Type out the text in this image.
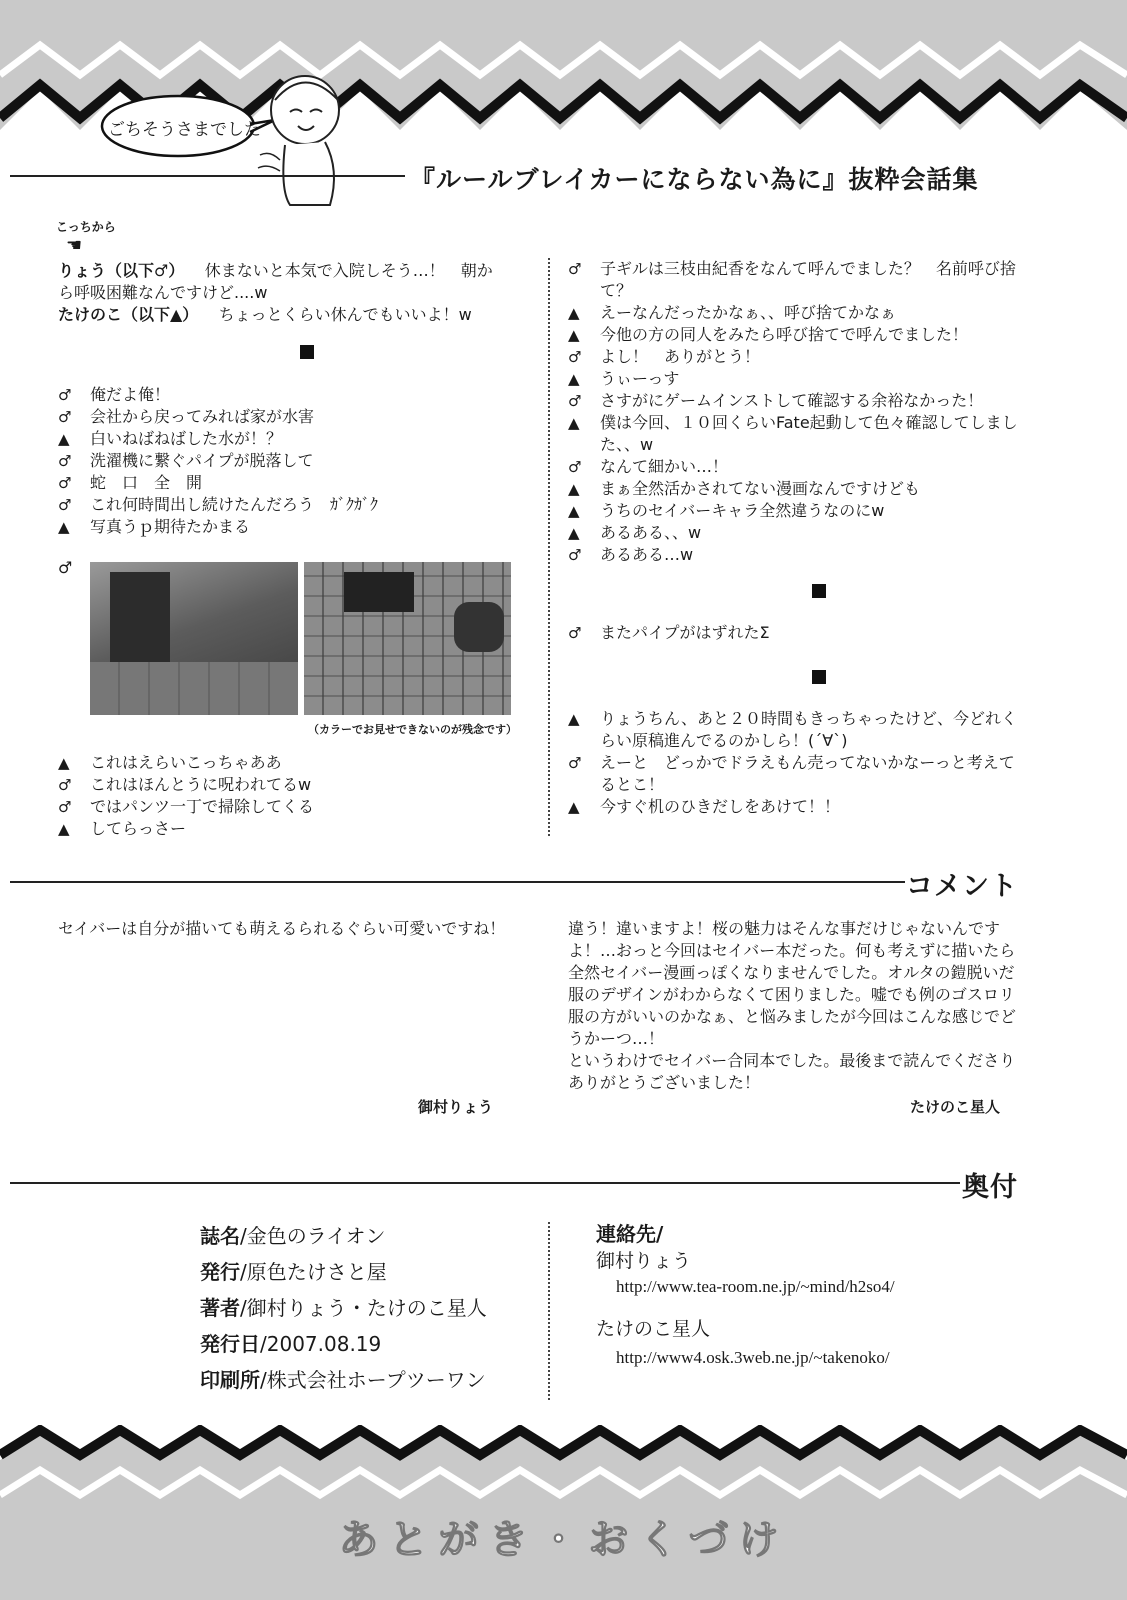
ごちそうさまでした
『ルールブレイカーにならない為に』抜粋会話集
こっちから
☚
りょう（以下♂） 休まないと本気で入院しそう…！　朝か
ら呼吸困難なんですけど....w
たけのこ（以下▲） ちょっとくらい休んでもいいよ！w
♂	俺だよ俺！
♂	会社から戻ってみれば家が水害
▲	白いねばねばした水が！？
♂	洗濯機に繋ぐパイプが脱落して
♂	蛇　口　全　開
♂	これ何時間出し続けたんだろう　ｶﾞｸｶﾞｸ
▲	写真うｐ期待たかまる
♂
（カラーでお見せできないのが残念です）
▲	これはえらいこっちゃああ
♂	これはほんとうに呪われてるw
♂	ではパンツ一丁で掃除してくる
▲	してらっさー
♂	子ギルは三枝由紀香をなんて呼んでました？　名前呼び捨て？
▲	えーなんだったかなぁ、、呼び捨てかなぁ
▲	今他の方の同人をみたら呼び捨てで呼んでました！
♂	よし！　ありがとう！
▲	うぃーっす
♂	さすがにゲームインストして確認する余裕なかった！
▲	僕は今回、１０回くらいFate起動して色々確認してしました、、w
♂	なんて細かい…！
▲	まぁ全然活かされてない漫画なんですけども
▲	うちのセイバーキャラ全然違うなのにw
▲	あるある、、w
♂	あるある…w
♂	またパイプがはずれたΣ
▲	りょうちん、あと２０時間もきっちゃったけど、今どれくらい原稿進んでるのかしら！(´∀`)
♂	えーと　どっかでドラえもん売ってないかなーっと考えてるとこ！
▲	今すぐ机のひきだしをあけて！！
コメント
セイバーは自分が描いても萌えるられるぐらい可愛いですね！
御村りょう
違う！違いますよ！桜の魅力はそんな事だけじゃないんですよ！…おっと今回はセイバー本だった。何も考えずに描いたら全然セイバー漫画っぽくなりませんでした。オルタの鎧脱いだ服のデザインがわからなくて困りました。嘘でも例のゴスロリ服の方がいいのかなぁ、と悩みましたが今回はこんな感じでどうかーつ…！
というわけでセイバー合同本でした。最後まで読んでくださりありがとうございました！
たけのこ星人
奥付
誌名/金色のライオン
発行/原色たけさと屋
著者/御村りょう・たけのこ星人
発行日/2007.08.19
印刷所/株式会社ホープツーワン
連絡先/
御村りょう
http://www.tea-room.ne.jp/~mind/h2so4/
たけのこ星人
http://www4.osk.3web.ne.jp/~takenoko/
あとがき・おくづけ
